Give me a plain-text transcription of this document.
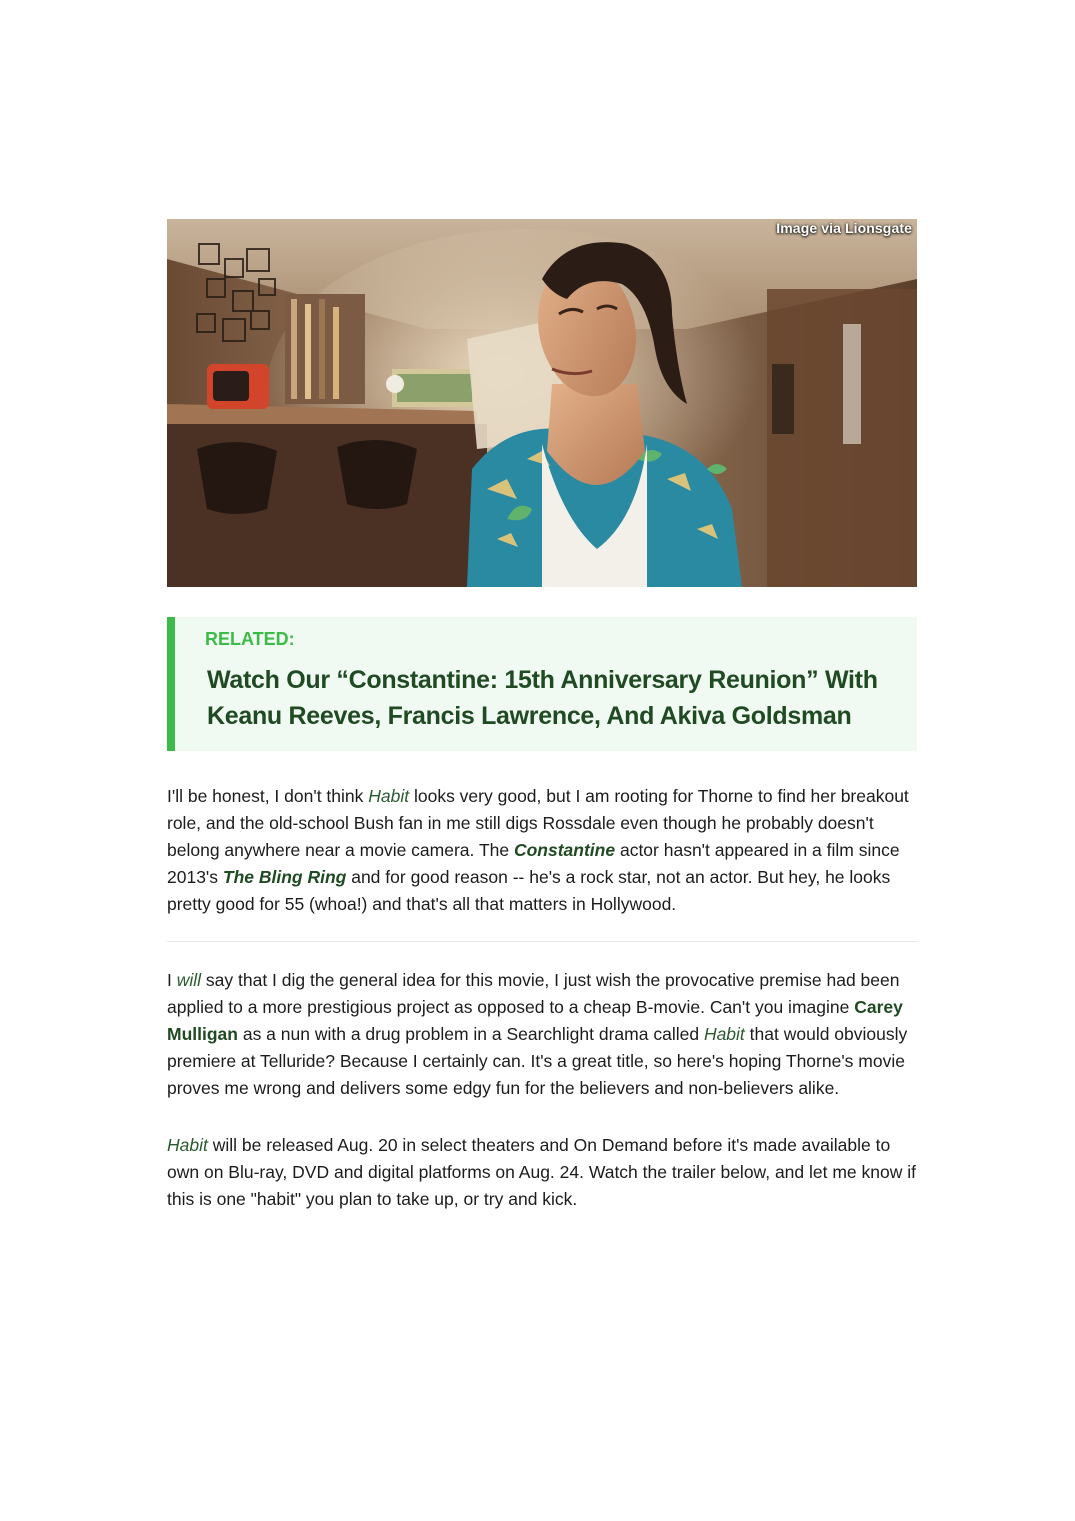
Image via Lionsgate
RELATED:
Watch Our “Constantine: 15th Anniversary Reunion” With Keanu Reeves, Francis Lawrence, And Akiva Goldsman

I'll be honest, I don't think Habit looks very good, but I am rooting for Thorne to find her breakout role, and the old-school Bush fan in me still digs Rossdale even though he probably doesn't belong anywhere near a movie camera. The Constantine actor hasn't appeared in a film since 2013's The Bling Ring and for good reason -- he's a rock star, not an actor. But hey, he looks pretty good for 55 (whoa!) and that's all that matters in Hollywood.

I will say that I dig the general idea for this movie, I just wish the provocative premise had been applied to a more prestigious project as opposed to a cheap B-movie. Can't you imagine Carey Mulligan as a nun with a drug problem in a Searchlight drama called Habit that would obviously premiere at Telluride? Because I certainly can. It's a great title, so here's hoping Thorne's movie proves me wrong and delivers some edgy fun for the believers and non-believers alike.

Habit will be released Aug. 20 in select theaters and On Demand before it's made available to own on Blu-ray, DVD and digital platforms on Aug. 24. Watch the trailer below, and let me know if this is one "habit" you plan to take up, or try and kick.
